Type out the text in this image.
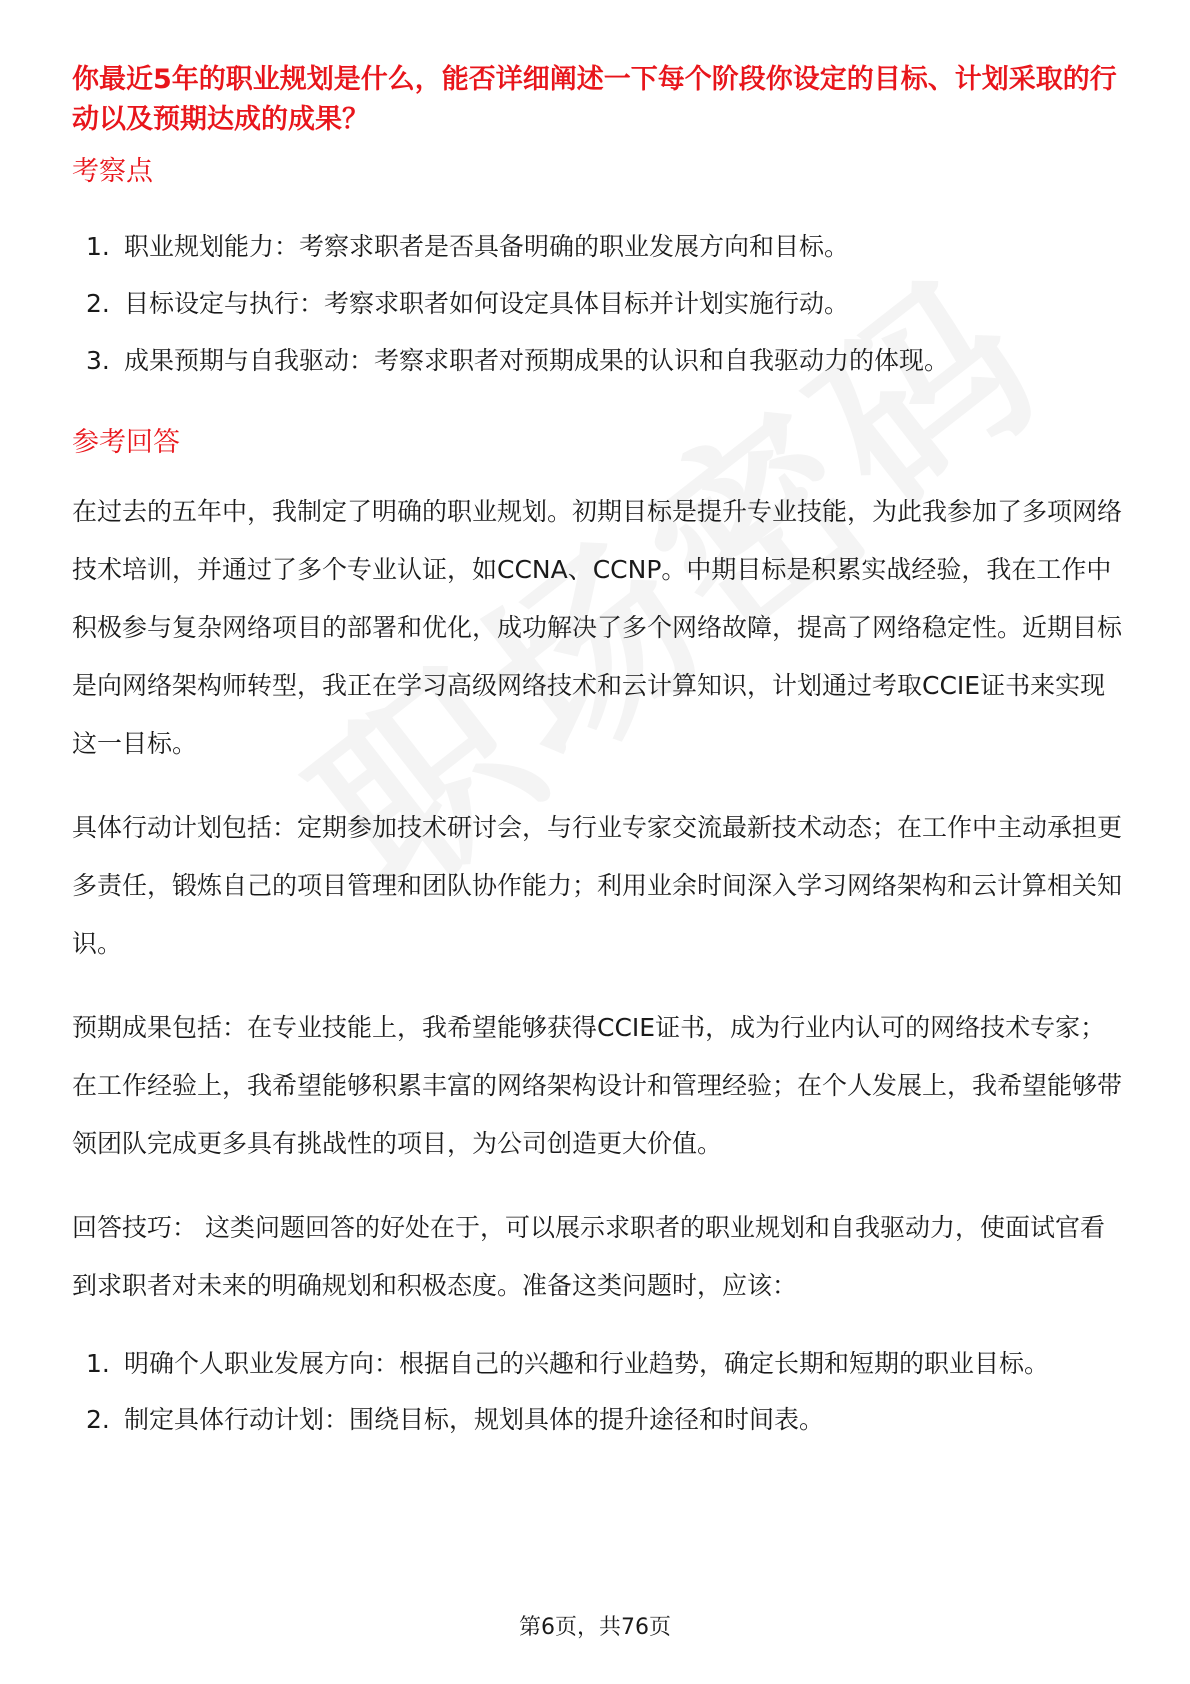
你最近5年的职业规划是什么，能否详细阐述一下每个阶段你设定的目标、计划采取的行动以及预期达成的成果？

考察点
1. 职业规划能力：考察求职者是否具备明确的职业发展方向和目标。
2. 目标设定与执行：考察求职者如何设定具体目标并计划实施行动。
3. 成果预期与自我驱动：考察求职者对预期成果的认识和自我驱动力的体现。
参考回答

在过去的五年中，我制定了明确的职业规划。初期目标是提升专业技能，为此我参加了多项网络技术培训，并通过了多个专业认证，如CCNA、CCNP。中期目标是积累实战经验，我在工作中积极参与复杂网络项目的部署和优化，成功解决了多个网络故障，提高了网络稳定性。近期目标是向网络架构师转型，我正在学习高级网络技术和云计算知识，计划通过考取CCIE证书来实现这一目标。

具体行动计划包括：定期参加技术研讨会，与行业专家交流最新技术动态；在工作中主动承担更多责任，锻炼自己的项目管理和团队协作能力；利用业余时间深入学习网络架构和云计算相关知识。

预期成果包括：在专业技能上，我希望能够获得CCIE证书，成为行业内认可的网络技术专家；在工作经验上，我希望能够积累丰富的网络架构设计和管理经验；在个人发展上，我希望能够带领团队完成更多具有挑战性的项目，为公司创造更大价值。

回答技巧： 这类问题回答的好处在于，可以展示求职者的职业规划和自我驱动力，使面试官看到求职者对未来的明确规划和积极态度。准备这类问题时，应该：

1. 明确个人职业发展方向：根据自己的兴趣和行业趋势，确定长期和短期的职业目标。
2. 制定具体行动计划：围绕目标，规划具体的提升途径和时间表。
第6页，共76页
